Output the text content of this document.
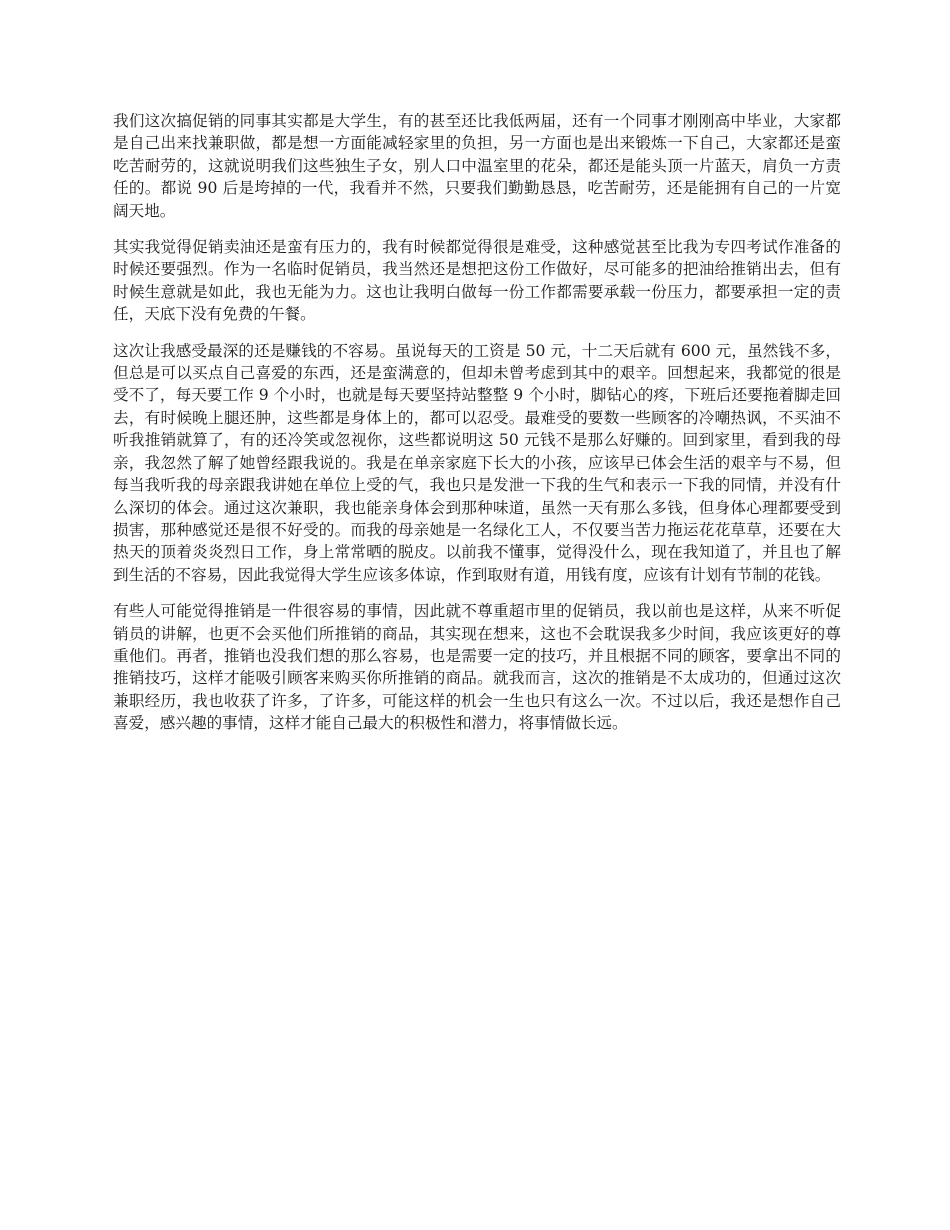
我们这次搞促销的同事其实都是大学生，有的甚至还比我低两届，还有一个同事才刚刚高中毕业，大家都是自己出来找兼职做，都是想一方面能减轻家里的负担，另一方面也是出来锻炼一下自己，大家都还是蛮吃苦耐劳的，这就说明我们这些独生子女，别人口中温室里的花朵，都还是能头顶一片蓝天，肩负一方责任的。都说 90 后是垮掉的一代，我看并不然，只要我们勤勤恳恳，吃苦耐劳，还是能拥有自己的一片宽阔天地。

其实我觉得促销卖油还是蛮有压力的，我有时候都觉得很是难受，这种感觉甚至比我为专四考试作准备的时候还要强烈。作为一名临时促销员，我当然还是想把这份工作做好，尽可能多的把油给推销出去，但有时候生意就是如此，我也无能为力。这也让我明白做每一份工作都需要承载一份压力，都要承担一定的责任，天底下没有免费的午餐。

这次让我感受最深的还是赚钱的不容易。虽说每天的工资是 50 元，十二天后就有 600 元，虽然钱不多，但总是可以买点自己喜爱的东西，还是蛮满意的，但却未曾考虑到其中的艰辛。回想起来，我都觉的很是受不了，每天要工作 9 个小时，也就是每天要坚持站整整 9 个小时，脚钻心的疼，下班后还要拖着脚走回去，有时候晚上腿还肿，这些都是身体上的，都可以忍受。最难受的要数一些顾客的冷嘲热讽，不买油不听我推销就算了，有的还冷笑或忽视你，这些都说明这 50 元钱不是那么好赚的。回到家里，看到我的母亲，我忽然了解了她曾经跟我说的。我是在单亲家庭下长大的小孩，应该早已体会生活的艰辛与不易，但每当我听我的母亲跟我讲她在单位上受的气，我也只是发泄一下我的生气和表示一下我的同情，并没有什么深切的体会。通过这次兼职，我也能亲身体会到那种味道，虽然一天有那么多钱，但身体心理都要受到损害，那种感觉还是很不好受的。而我的母亲她是一名绿化工人，不仅要当苦力拖运花花草草，还要在大热天的顶着炎炎烈日工作，身上常常晒的脱皮。以前我不懂事，觉得没什么，现在我知道了，并且也了解到生活的不容易，因此我觉得大学生应该多体谅，作到取财有道，用钱有度，应该有计划有节制的花钱。

有些人可能觉得推销是一件很容易的事情，因此就不尊重超市里的促销员，我以前也是这样，从来不听促销员的讲解，也更不会买他们所推销的商品，其实现在想来，这也不会耽误我多少时间，我应该更好的尊重他们。再者，推销也没我们想的那么容易，也是需要一定的技巧，并且根据不同的顾客，要拿出不同的推销技巧，这样才能吸引顾客来购买你所推销的商品。就我而言，这次的推销是不太成功的，但通过这次兼职经历，我也收获了许多，了许多，可能这样的机会一生也只有这么一次。不过以后，我还是想作自己喜爱，感兴趣的事情，这样才能自己最大的积极性和潜力，将事情做长远。
